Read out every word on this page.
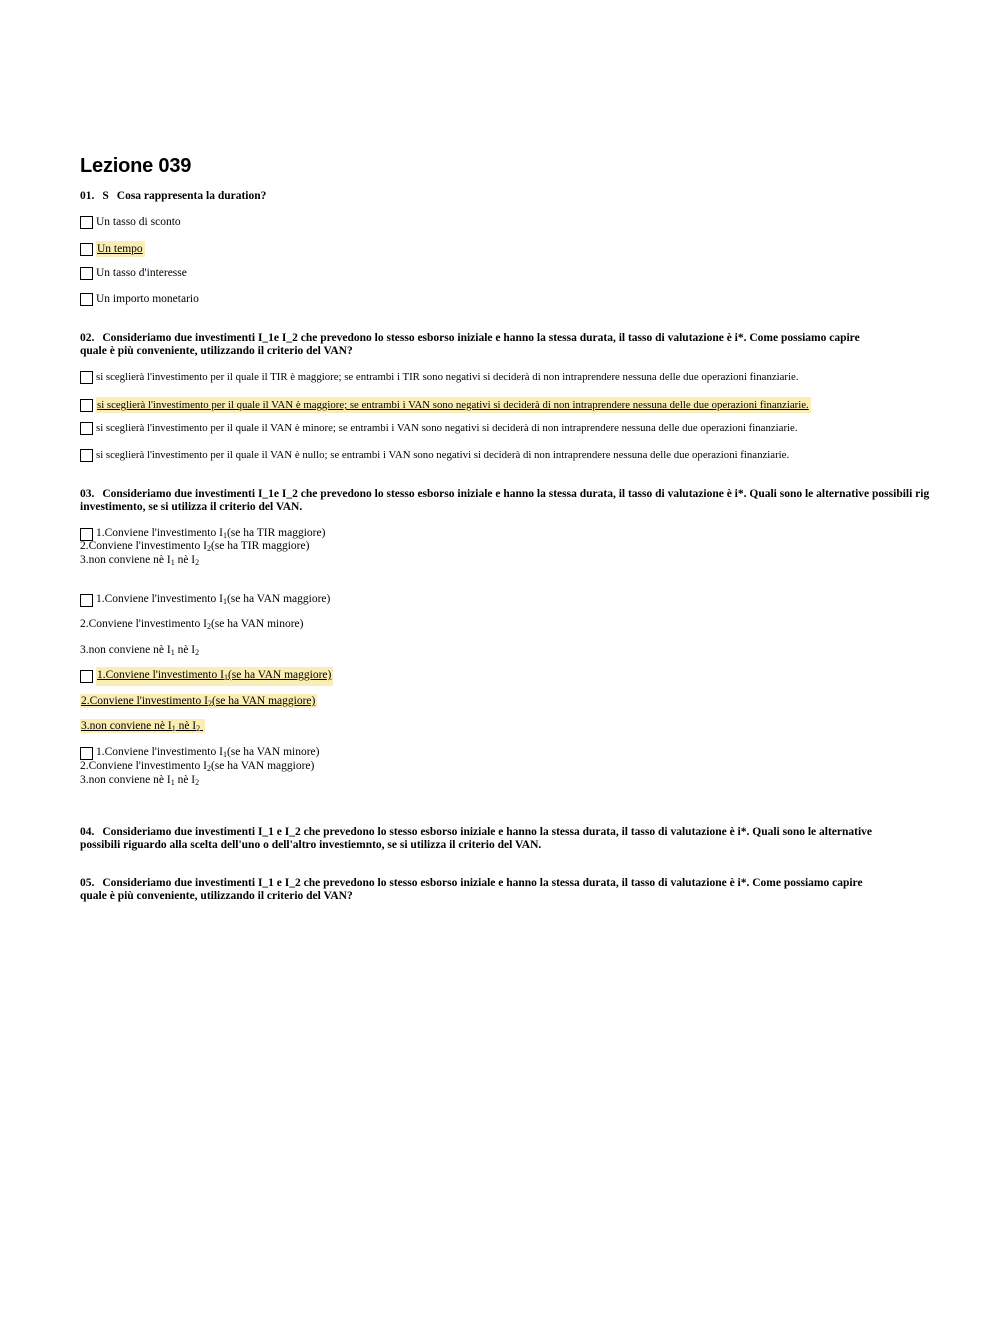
Lezione 039
01. S Cosa rappresenta la duration?
Un tasso di sconto
Un tempo
Un tasso d'interesse
Un importo monetario
02. Consideriamo due investimenti I_1e I_2 che prevedono lo stesso esborso iniziale e hanno la stessa durata, il tasso di valutazione è i*. Come possiamo capire
quale è più conveniente, utilizzando il criterio del VAN?
si sceglierà l'investimento per il quale il TIR è maggiore; se entrambi i TIR sono negativi si deciderà di non intraprendere nessuna delle due operazioni finanziarie.
si sceglierà l'investimento per il quale il VAN è maggiore; se entrambi i VAN sono negativi si deciderà di non intraprendere nessuna delle due operazioni finanziarie.
si sceglierà l'investimento per il quale il VAN è minore; se entrambi i VAN sono negativi si deciderà di non intraprendere nessuna delle due operazioni finanziarie.
si sceglierà l'investimento per il quale il VAN è nullo; se entrambi i VAN sono negativi si deciderà di non intraprendere nessuna delle due operazioni finanziarie.
03. Consideriamo due investimenti I_1e I_2 che prevedono lo stesso esborso iniziale e hanno la stessa durata, il tasso di valutazione è i*. Quali sono le alternative possibili rig
investimento, se si utilizza il criterio del VAN.
1.Conviene l'investimento $I_1(se$ ha TIR maggiore)
2.Conviene l'investimento $I_2(se$ ha TIR maggiore)
3.non conviene nè $I_1$ nè $I_2$
1.Conviene l'investimento $I_1(se$ ha VAN maggiore)
2.Conviene l'investimento $I_2(se$ ha VAN minore)
3.non conviene nè $I_1$ nè $I_2$
1.Conviene l'investimento $I_1(se$ ha VAN maggiore)
2.Conviene l'investimento $I_2(se$ ha VAN maggiore)
3.non conviene nè $I_1$ nè $I_2$
1.Conviene l'investimento $I_1(se$ ha VAN minore)
2.Conviene l'investimento $I_2(se$ ha VAN maggiore)
3.non conviene nè $I_1$ nè $I_2$
04. Consideriamo due investimenti I_1 e I_2 che prevedono lo stesso esborso iniziale e hanno la stessa durata, il tasso di valutazione è i*. Quali sono le alternative
possibili riguardo alla scelta dell'uno o dell'altro investiemnto, se si utilizza il criterio del VAN.
05. Consideriamo due investimenti I_1 e I_2 che prevedono lo stesso esborso iniziale e hanno la stessa durata, il tasso di valutazione è i*. Come possiamo capire
quale è più conveniente, utilizzando il criterio del VAN?
